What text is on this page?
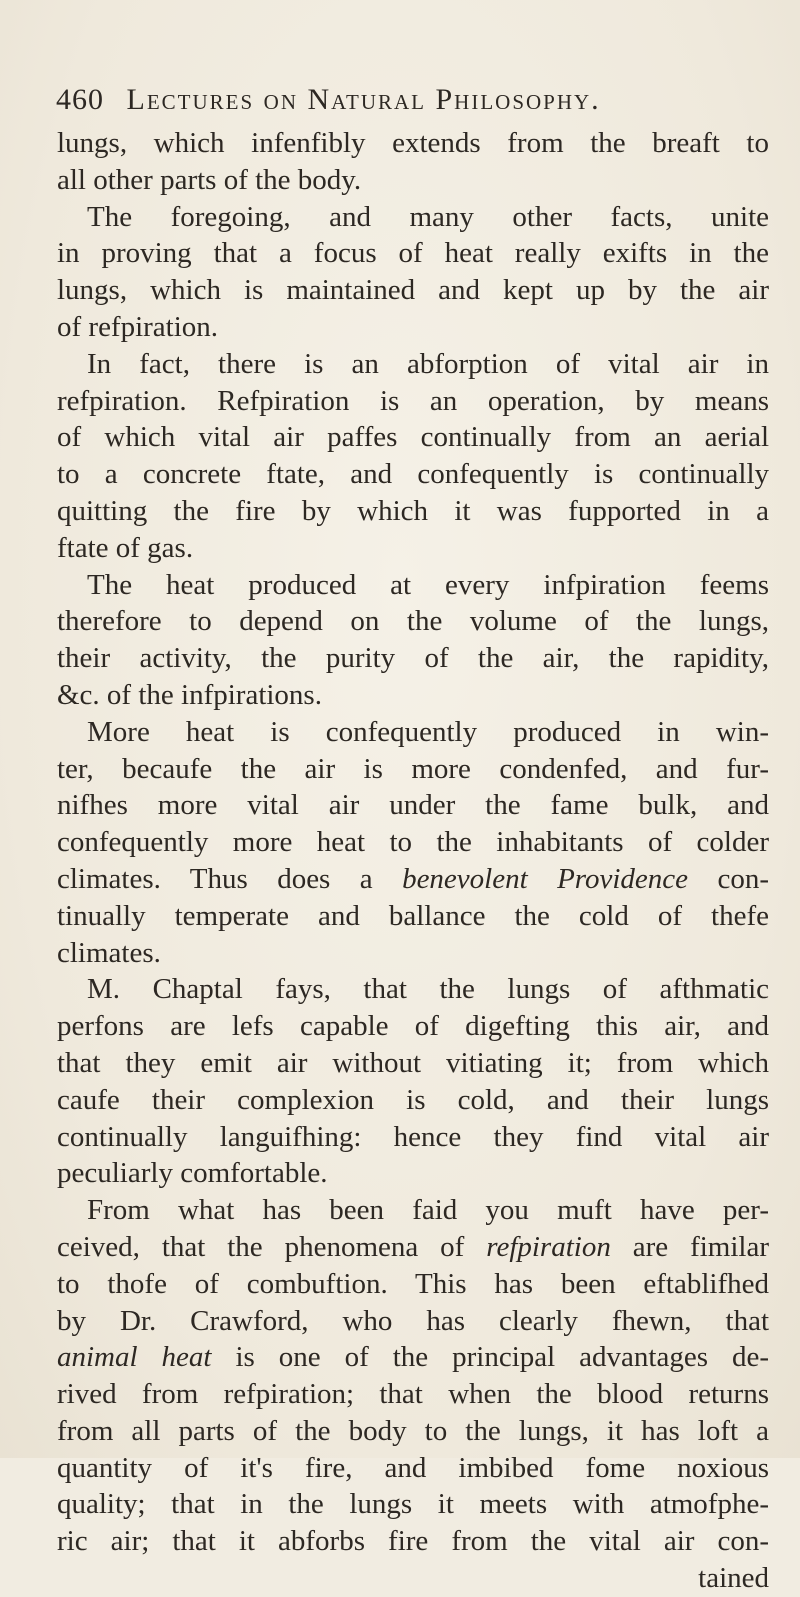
460 Lectures on Natural Philosophy.
lungs, which infenfibly extends from the breaft to
all other parts of the body.
The foregoing, and many other facts, unite
in proving that a focus of heat really exifts in the
lungs, which is maintained and kept up by the air
of refpiration.
In fact, there is an abforption of vital air in
refpiration. Refpiration is an operation, by means
of which vital air paffes continually from an aerial
to a concrete ftate, and confequently is continually
quitting the fire by which it was fupported in a
ftate of gas.
The heat produced at every infpiration feems
therefore to depend on the volume of the lungs,
their activity, the purity of the air, the rapidity,
&c. of the infpirations.
More heat is confequently produced in win-
ter, becaufe the air is more condenfed, and fur-
nifhes more vital air under the fame bulk, and
confequently more heat to the inhabitants of colder
climates. Thus does a benevolent Providence con-
tinually temperate and ballance the cold of thefe
climates.
M. Chaptal fays, that the lungs of afthmatic
perfons are lefs capable of digefting this air, and
that they emit air without vitiating it; from which
caufe their complexion is cold, and their lungs
continually languifhing: hence they find vital air
peculiarly comfortable.
From what has been faid you muft have per-
ceived, that the phenomena of refpiration are fimilar
to thofe of combuftion. This has been eftablifhed
by Dr. Crawford, who has clearly fhewn, that
animal heat is one of the principal advantages de-
rived from refpiration; that when the blood returns
from all parts of the body to the lungs, it has loft a
quantity of it's fire, and imbibed fome noxious
quality; that in the lungs it meets with atmofphe-
ric air; that it abforbs fire from the vital air con-
tained
